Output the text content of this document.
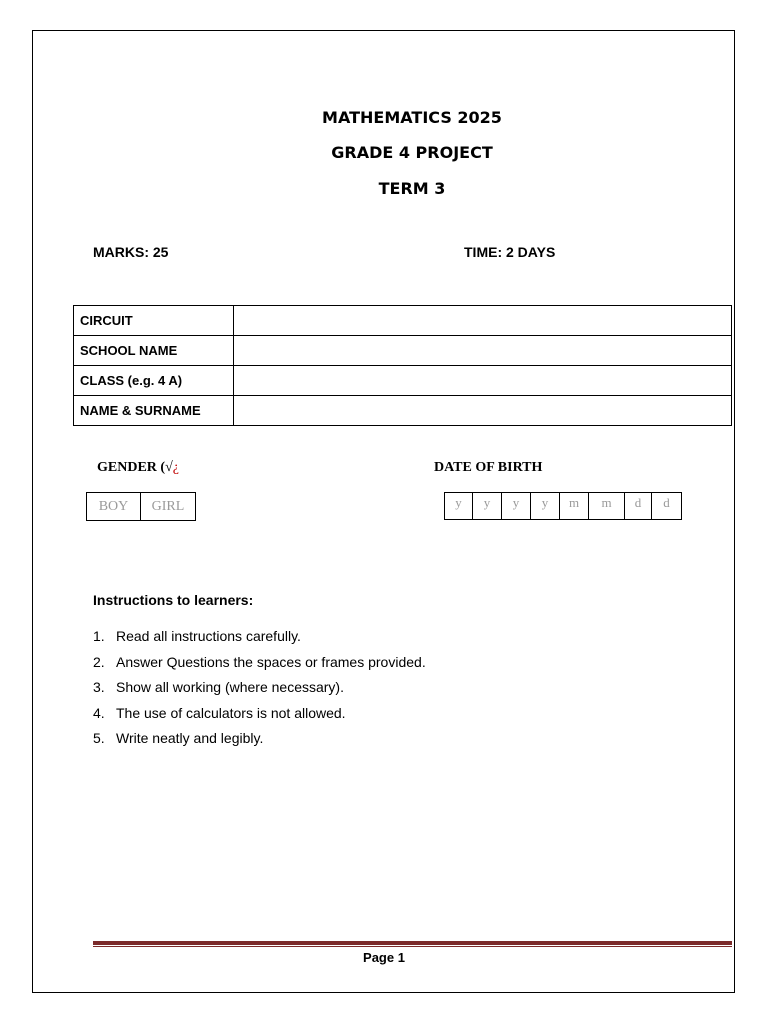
MATHEMATICS 2025
GRADE 4 PROJECT
TERM 3
MARKS: 25	TIME: 2 DAYS
CIRCUIT	
SCHOOL NAME	
CLASS (e.g. 4 A)	
NAME & SURNAME	
GENDER (√¿
BOY	GIRL
DATE OF BIRTH
y	y	y	y	m	m	d	d
Instructions to learners:
1. Read all instructions carefully.
2. Answer Questions the spaces or frames provided.
3. Show all working (where necessary).
4. The use of calculators is not allowed.
5. Write neatly and legibly.
Page 1
